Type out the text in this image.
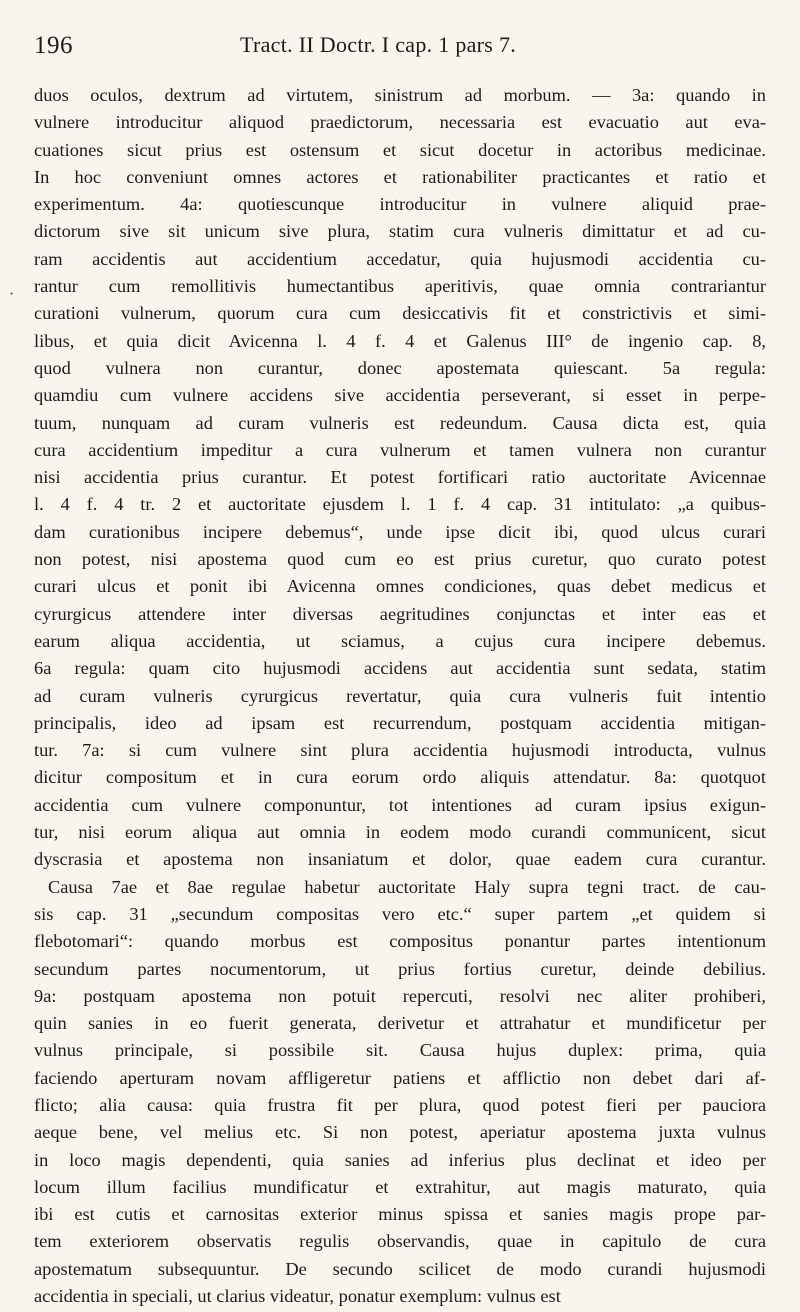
196	Tract. II Doctr. I cap. 1 pars 7.
·
duos oculos, dextrum ad virtutem, sinistrum ad morbum. — 3a: quando in
vulnere introducitur aliquod praedictorum, necessaria est evacuatio aut eva-
cuationes sicut prius est ostensum et sicut docetur in actoribus medicinae.
In hoc conveniunt omnes actores et rationabiliter practicantes et ratio et
experimentum. 4a: quotiescunque introducitur in vulnere aliquid prae-
dictorum sive sit unicum sive plura, statim cura vulneris dimittatur et ad cu-
ram accidentis aut accidentium accedatur, quia hujusmodi accidentia cu-
rantur cum remollitivis humectantibus aperitivis, quae omnia contrariantur
curationi vulnerum, quorum cura cum desiccativis fit et constrictivis et simi-
libus, et quia dicit Avicenna l. 4 f. 4 et Galenus III° de ingenio cap. 8,
quod vulnera non curantur, donec apostemata quiescant. 5a regula:
quamdiu cum vulnere accidens sive accidentia perseverant, si esset in perpe-
tuum, nunquam ad curam vulneris est redeundum. Causa dicta est, quia
cura accidentium impeditur a cura vulnerum et tamen vulnera non curantur
nisi accidentia prius curantur. Et potest fortificari ratio auctoritate Avicennae
l. 4 f. 4 tr. 2 et auctoritate ejusdem l. 1 f. 4 cap. 31 intitulato: „a quibus-
dam curationibus incipere debemus“, unde ipse dicit ibi, quod ulcus curari
non potest, nisi apostema quod cum eo est prius curetur, quo curato potest
curari ulcus et ponit ibi Avicenna omnes condiciones, quas debet medicus et
cyrurgicus attendere inter diversas aegritudines conjunctas et inter eas et
earum aliqua accidentia, ut sciamus, a cujus cura incipere debemus.
6a regula: quam cito hujusmodi accidens aut accidentia sunt sedata, statim
ad curam vulneris cyrurgicus revertatur, quia cura vulneris fuit intentio
principalis, ideo ad ipsam est recurrendum, postquam accidentia mitigan-
tur. 7a: si cum vulnere sint plura accidentia hujusmodi introducta, vulnus
dicitur compositum et in cura eorum ordo aliquis attendatur. 8a: quotquot
accidentia cum vulnere componuntur, tot intentiones ad curam ipsius exigun-
tur, nisi eorum aliqua aut omnia in eodem modo curandi communicent, sicut
dyscrasia et apostema non insaniatum et dolor, quae eadem cura curantur.
Causa 7ae et 8ae regulae habetur auctoritate Haly supra tegni tract. de cau-
sis cap. 31 „secundum compositas vero etc.“ super partem „et quidem si
flebotomari“: quando morbus est compositus ponantur partes intentionum
secundum partes nocumentorum, ut prius fortius curetur, deinde debilius.
9a: postquam apostema non potuit repercuti, resolvi nec aliter prohiberi,
quin sanies in eo fuerit generata, derivetur et attrahatur et mundificetur per
vulnus principale, si possibile sit. Causa hujus duplex: prima, quia
faciendo aperturam novam affligeretur patiens et afflictio non debet dari af-
flicto; alia causa: quia frustra fit per plura, quod potest fieri per pauciora
aeque bene, vel melius etc. Si non potest, aperiatur apostema juxta vulnus
in loco magis dependenti, quia sanies ad inferius plus declinat et ideo per
locum illum facilius mundificatur et extrahitur, aut magis maturato, quia
ibi est cutis et carnositas exterior minus spissa et sanies magis prope par-
tem exteriorem observatis regulis observandis, quae in capitulo de cura
apostematum subsequuntur. De secundo scilicet de modo curandi hujusmodi
accidentia in speciali, ut clarius videatur, ponatur exemplum: vulnus est
